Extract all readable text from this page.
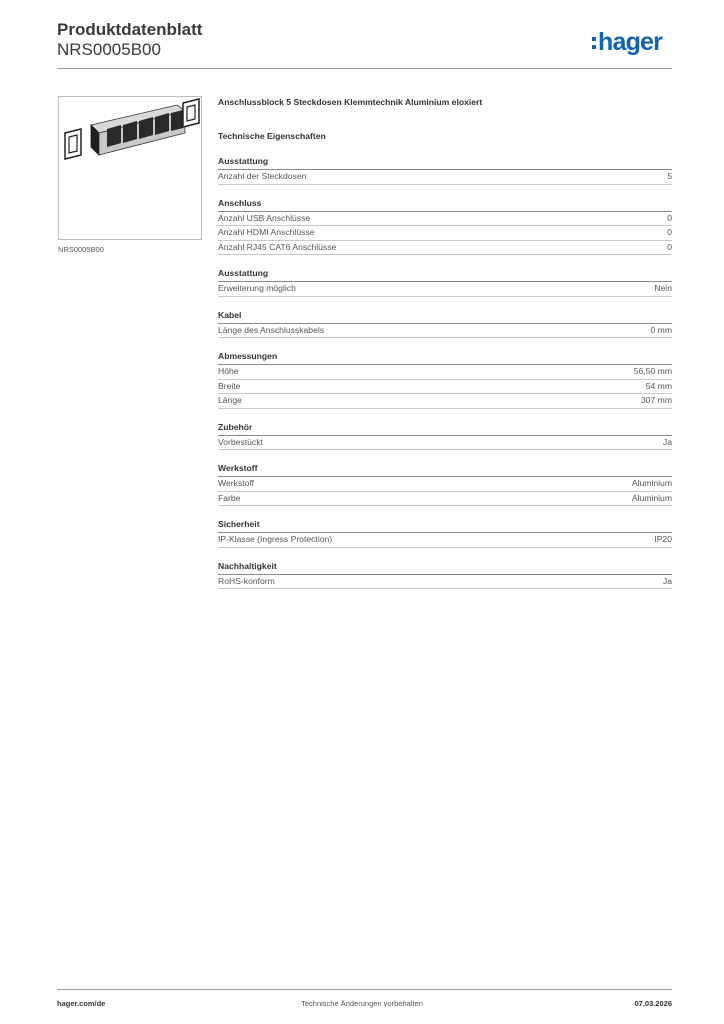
Produktdatenblatt
NRS0005B00	hager
NRS0005B00
Anschlussblock 5 Steckdosen Klemmtechnik Aluminium eloxiert
Technische Eigenschaften
Ausstattung
Anzahl der Steckdosen	5
Anschluss
Anzahl USB Anschlüsse	0
Anzahl HDMI Anschlüsse	0
Anzahl RJ45 CAT6 Anschlüsse	0
Ausstattung
Erweiterung möglich	Nein
Kabel
Länge des Anschlusskabels	0 mm
Abmessungen
Höhe	56,50 mm
Breite	54 mm
Länge	307 mm
Zubehör
Vorbestückt	Ja
Werkstoff
Werkstoff	Aluminium
Farbe	Aluminium
Sicherheit
IP-Klasse (Ingress Protection)	IP20
Nachhaltigkeit
RoHS-konform	Ja
hager.com/de	Technische Änderungen vorbehalten	07.03.2026
